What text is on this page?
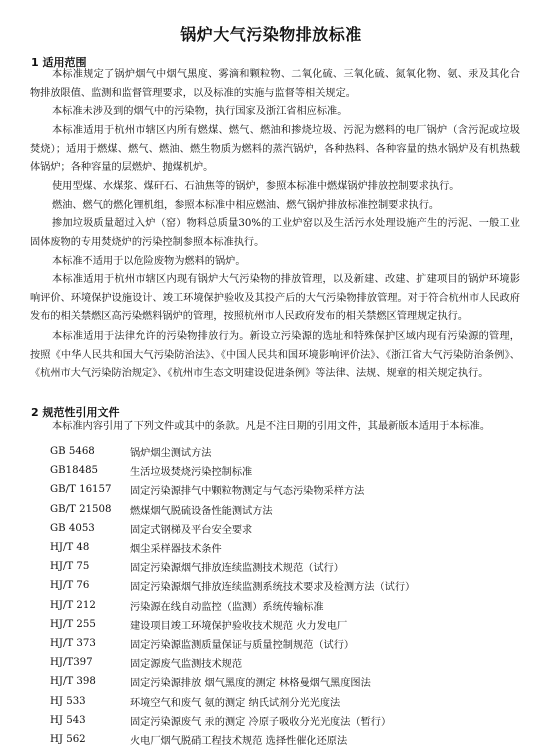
锅炉大气污染物排放标准
1 适用范围

本标准规定了锅炉烟气中烟气黑度、雾滴和颗粒物、二氧化硫、三氧化硫、氮氧化物、氨、汞及其化合物排放限值、监测和监督管理要求，以及标准的实施与监督等相关规定。

本标准未涉及到的烟气中的污染物，执行国家及浙江省相应标准。

本标准适用于杭州市辖区内所有燃煤、燃气、燃油和掺烧垃圾、污泥为燃料的电厂锅炉（含污泥或垃圾焚烧）；适用于燃煤、燃气、燃油、燃生物质为燃料的蒸汽锅炉，各种热料、各种容量的热水锅炉及有机热载体锅炉；各种容量的层燃炉、抛煤机炉。

使用型煤、水煤浆、煤矸石、石油焦等的锅炉，参照本标准中燃煤锅炉排放控制要求执行。

燃油、燃气的燃化锂机组，参照本标准中相应燃油、燃气锅炉排放标准控制要求执行。

掺加垃圾质量超过入炉（窑）物料总质量30%的工业炉窑以及生活污水处理设施产生的污泥、一般工业固体废物的专用焚烧炉的污染控制参照本标准执行。

本标准不适用于以危险废物为燃料的锅炉。

本标准适用于杭州市辖区内现有锅炉大气污染物的排放管理，以及新建、改建、扩建项目的锅炉环境影响评价、环境保护设施设计、竣工环境保护验收及其投产后的大气污染物排放管理。对于符合杭州市人民政府发布的相关禁燃区高污染燃料锅炉的管理，按照杭州市人民政府发布的相关禁燃区管理规定执行。

本标准适用于法律允许的污染物排放行为。新设立污染源的选址和特殊保护区域内现有污染源的管理，按照《中华人民共和国大气污染防治法》、《中国人民共和国环境影响评价法》、《浙江省大气污染防治条例》、《杭州市大气污染防治规定》、《杭州市生态文明建设促进条例》等法律、法规、规章的相关规定执行。

2 规范性引用文件

本标准内容引用了下列文件或其中的条款。凡是不注日期的引用文件，其最新版本适用于本标准。

GB 5468	锅炉烟尘测试方法
GB18485	生活垃圾焚烧污染控制标准
GB/T 16157	固定污染源排气中颗粒物测定与气态污染物采样方法
GB/T 21508	燃煤烟气脱硫设备性能测试方法
GB 4053	固定式钢梯及平台安全要求
HJ/T 48	烟尘采样器技术条件
HJ/T 75	固定污染源烟气排放连续监测技术规范（试行）
HJ/T 76	固定污染源烟气排放连续监测系统技术要求及检测方法（试行）
HJ/T 212	污染源在线自动监控（监测）系统传输标准
HJ/T 255	建设项目竣工环境保护验收技术规范 火力发电厂
HJ/T 373	固定污染源监测质量保证与质量控制规范（试行）
HJ/T397	固定源废气监测技术规范
HJ/T 398	固定污染源排放 烟气黑度的测定 林格曼烟气黑度图法
HJ 533	环境空气和废气 氨的测定 纳氏试剂分光光度法
HJ 543	固定污染源废气 汞的测定 冷原子吸收分光光度法（暂行）
HJ 562	火电厂烟气脱硝工程技术规范 选择性催化还原法
